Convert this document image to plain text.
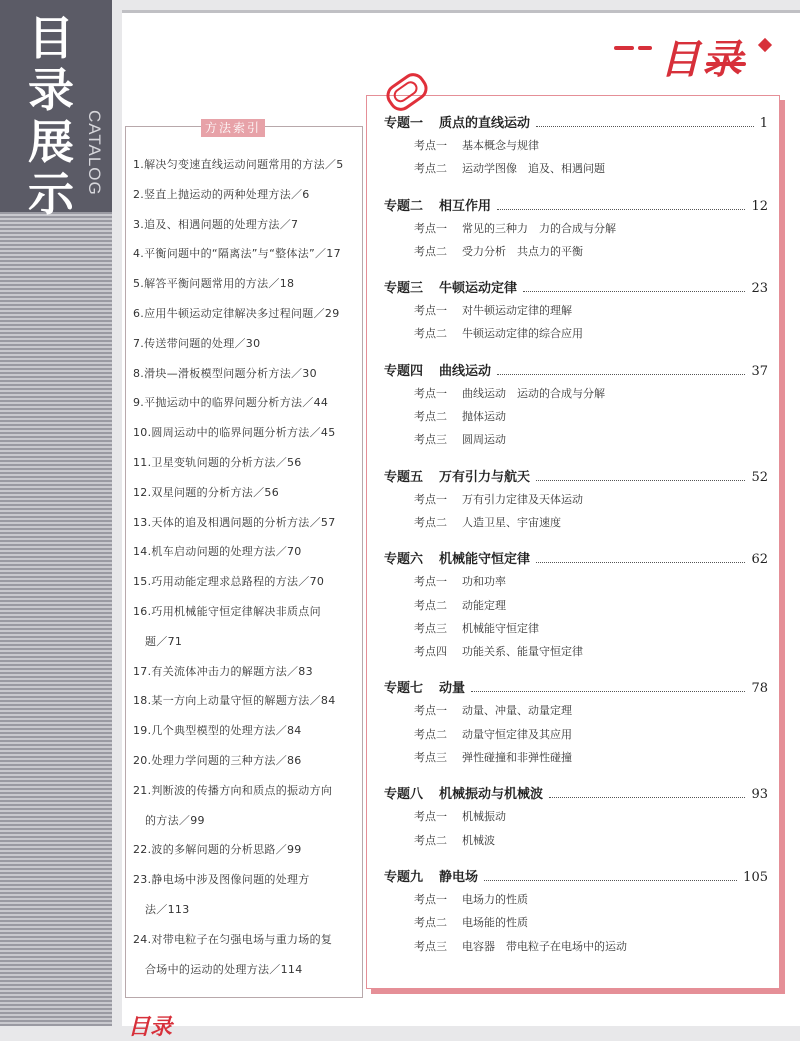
目
录
展
示 CATALOG
目录
方法索引
1.解决匀变速直线运动问题常用的方法／5
2.竖直上抛运动的两种处理方法／6
3.追及、相遇问题的处理方法／7
4.平衡问题中的“隔离法”与“整体法”／17
5.解答平衡问题常用的方法／18
6.应用牛顿运动定律解决多过程问题／29
7.传送带问题的处理／30
8.滑块—滑板模型问题分析方法／30
9.平抛运动中的临界问题分析方法／44
10.圆周运动中的临界问题分析方法／45
11.卫星变轨问题的分析方法／56
12.双星问题的分析方法／56
13.天体的追及相遇问题的分析方法／57
14.机车启动问题的处理方法／70
15.巧用动能定理求总路程的方法／70
16.巧用机械能守恒定律解决非质点问
题／71
17.有关流体冲击力的解题方法／83
18.某一方向上动量守恒的解题方法／84
19.几个典型模型的处理方法／84
20.处理力学问题的三种方法／86
21.判断波的传播方向和质点的振动方向
的方法／99
22.波的多解问题的分析思路／99
23.静电场中涉及图像问题的处理方
法／113
24.对带电粒子在匀强电场与重力场的复
合场中的运动的处理方法／114
专题一 质点的直线运动	1
考点一 基本概念与规律
考点二 运动学图像　追及、相遇问题
专题二 相互作用	12
考点一 常见的三种力　力的合成与分解
考点二 受力分析　共点力的平衡
专题三 牛顿运动定律	23
考点一 对牛顿运动定律的理解
考点二 牛顿运动定律的综合应用
专题四 曲线运动	37
考点一 曲线运动　运动的合成与分解
考点二 抛体运动
考点三 圆周运动
专题五 万有引力与航天	52
考点一 万有引力定律及天体运动
考点二 人造卫星、宇宙速度
专题六 机械能守恒定律	62
考点一 功和功率
考点二 动能定理
考点三 机械能守恒定律
考点四 功能关系、能量守恒定律
专题七 动量	78
考点一 动量、冲量、动量定理
考点二 动量守恒定律及其应用
考点三 弹性碰撞和非弹性碰撞
专题八 机械振动与机械波	93
考点一 机械振动
考点二 机械波
专题九 静电场	105
考点一 电场力的性质
考点二 电场能的性质
考点三 电容器　带电粒子在电场中的运动
目录
